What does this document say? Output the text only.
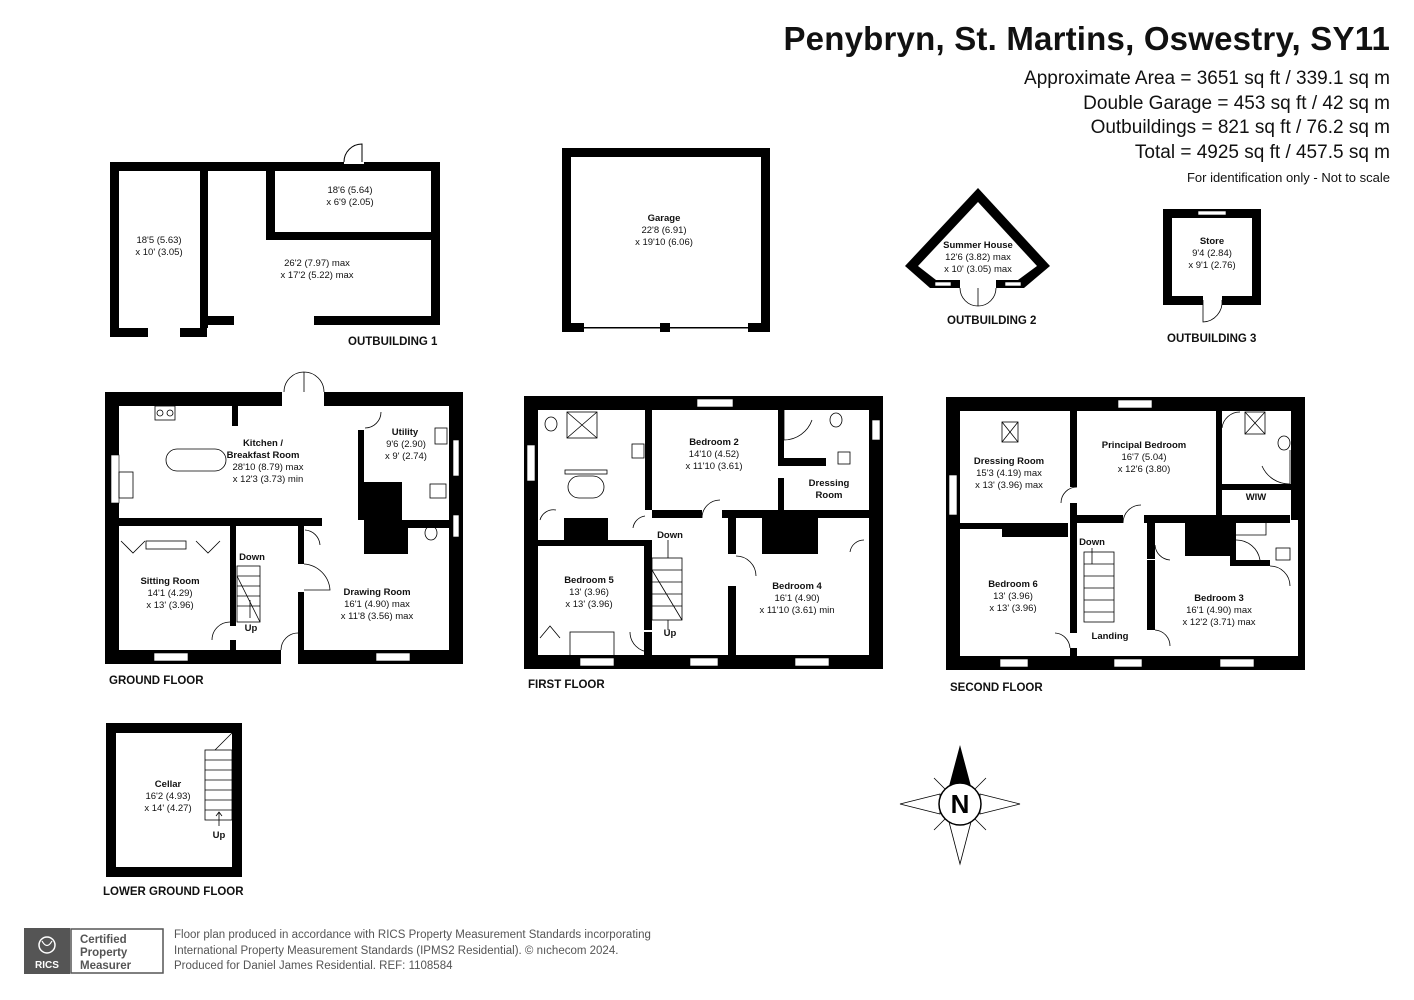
Penybryn, St. Martins, Oswestry, SY11
Approximate Area = 3651 sq ft / 339.1 sq m
Double Garage = 453 sq ft / 42 sq m
Outbuildings = 821 sq ft / 76.2 sq m
Total = 4925 sq ft / 457.5 sq m
For identification only - Not to scale
18'5 (5.63)
x 10' (3.05)
18'6 (5.64)
x 6'9 (2.05)
26'2 (7.97) max
x 17'2 (5.22) max
OUTBUILDING 1
Garage
22'8 (6.91)
x 19'10 (6.06)	Summer House
12'6 (3.82) max
x 10' (3.05) max
OUTBUILDING 2
Store
9'4 (2.84)
x 9'1 (2.76)
OUTBUILDING 3
Kitchen /
Breakfast Room
28'10 (8.79) max
x 12'3 (3.73) min
Utility
9'6 (2.90)
x 9' (2.74)
Sitting Room
14'1 (4.29)
x 13' (3.96)
Drawing Room
16'1 (4.90) max
x 11'8 (3.56) max
Down
Up
GROUND FLOOR
Bedroom 2
14'10 (4.52)
x 11'10 (3.61)
Dressing
Room
Bedroom 5
13' (3.96)
x 13' (3.96)
Bedroom 4
16'1 (4.90)
x 11'10 (3.61) min
Down
Up
FIRST FLOOR
Dressing Room
15'3 (4.19) max
x 13' (3.96) max
Principal Bedroom
16'7 (5.04)
x 12'6 (3.80)
WIW
Bedroom 6
13' (3.96)
x 13' (3.96)
Bedroom 3
16'1 (4.90) max
x 12'2 (3.71) max
Landing
Down
SECOND FLOOR
Cellar
16'2 (4.93)
x 14' (4.27)
Up
LOWER GROUND FLOOR
N
RICS
Certified
Property
Measurer
Floor plan produced in accordance with RICS Property Measurement Standards incorporating
International Property Measurement Standards (IPMS2 Residential). © nıchecom 2024.
Produced for Daniel James Residential. REF: 1108584
